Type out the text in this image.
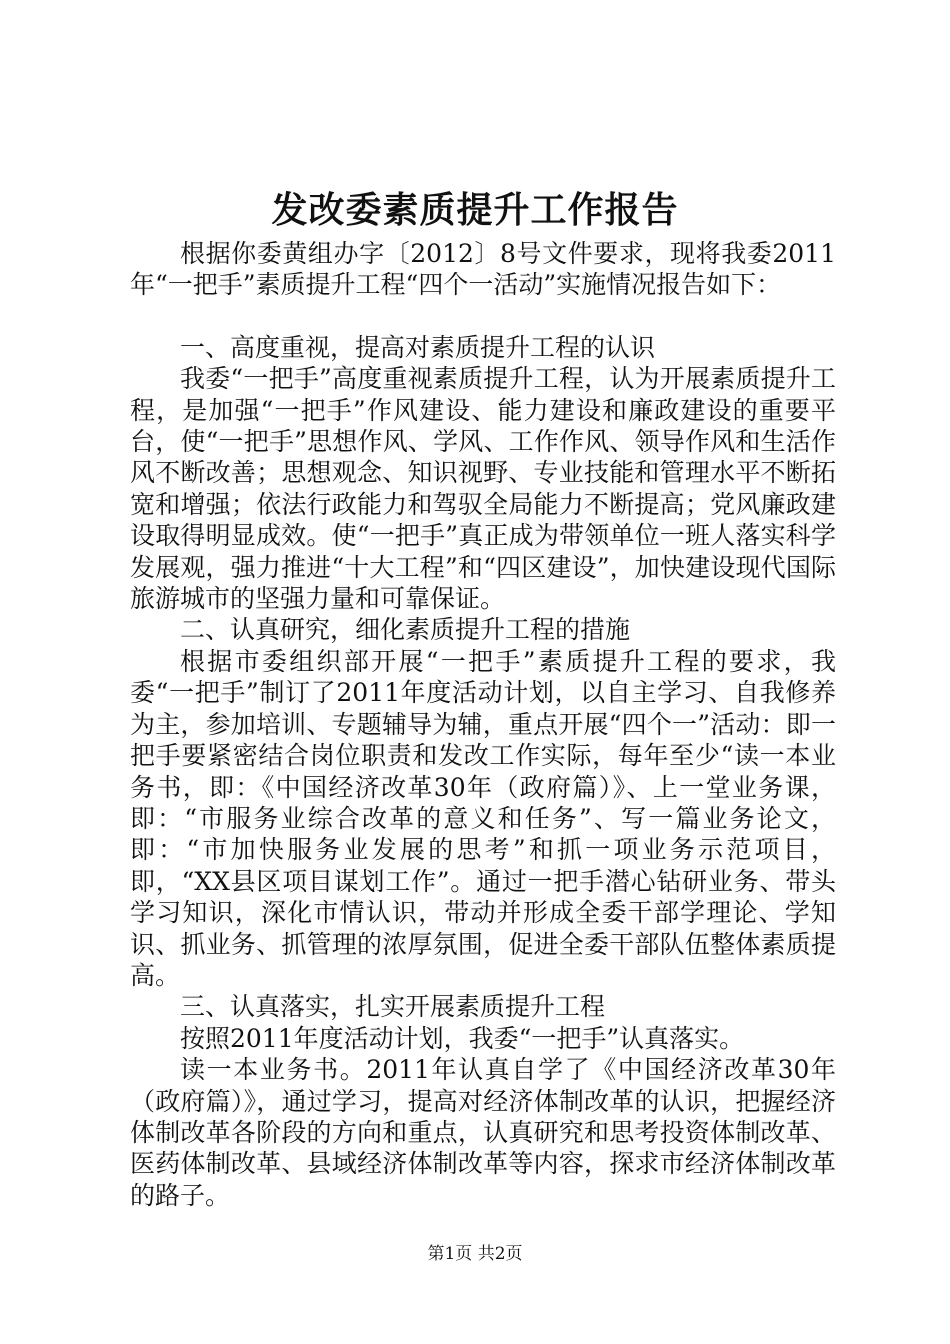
发改委素质提升工作报告

根据你委黄组办字〔2012〕8号文件要求，现将我委2011年“一把手”素质提升工程“四个一活动”实施情况报告如下：

一、高度重视，提高对素质提升工程的认识

我委“一把手”高度重视素质提升工程，认为开展素质提升工程，是加强“一把手”作风建设、能力建设和廉政建设的重要平台，使“一把手”思想作风、学风、工作作风、领导作风和生活作风不断改善；思想观念、知识视野、专业技能和管理水平不断拓宽和增强；依法行政能力和驾驭全局能力不断提高；党风廉政建设取得明显成效。使“一把手”真正成为带领单位一班人落实科学发展观，强力推进“十大工程”和“四区建设”，加快建设现代国际旅游城市的坚强力量和可靠保证。

二、认真研究，细化素质提升工程的措施

根据市委组织部开展“一把手”素质提升工程的要求，我委“一把手”制订了2011年度活动计划，以自主学习、自我修养为主，参加培训、专题辅导为辅，重点开展“四个一”活动：即一把手要紧密结合岗位职责和发改工作实际，每年至少“读一本业务书，即：《中国经济改革30年（政府篇）》、上一堂业务课，即：“市服务业综合改革的意义和任务”、写一篇业务论文，即：“市加快服务业发展的思考”和抓一项业务示范项目，即，“XX县区项目谋划工作”。通过一把手潜心钻研业务、带头学习知识，深化市情认识，带动并形成全委干部学理论、学知识、抓业务、抓管理的浓厚氛围，促进全委干部队伍整体素质提高。

三、认真落实，扎实开展素质提升工程

按照2011年度活动计划，我委“一把手”认真落实。

读一本业务书。2011年认真自学了《中国经济改革30年（政府篇）》，通过学习，提高对经济体制改革的认识，把握经济体制改革各阶段的方向和重点，认真研究和思考投资体制改革、医药体制改革、县域经济体制改革等内容，探求市经济体制改革的路子。

第1页 共2页
